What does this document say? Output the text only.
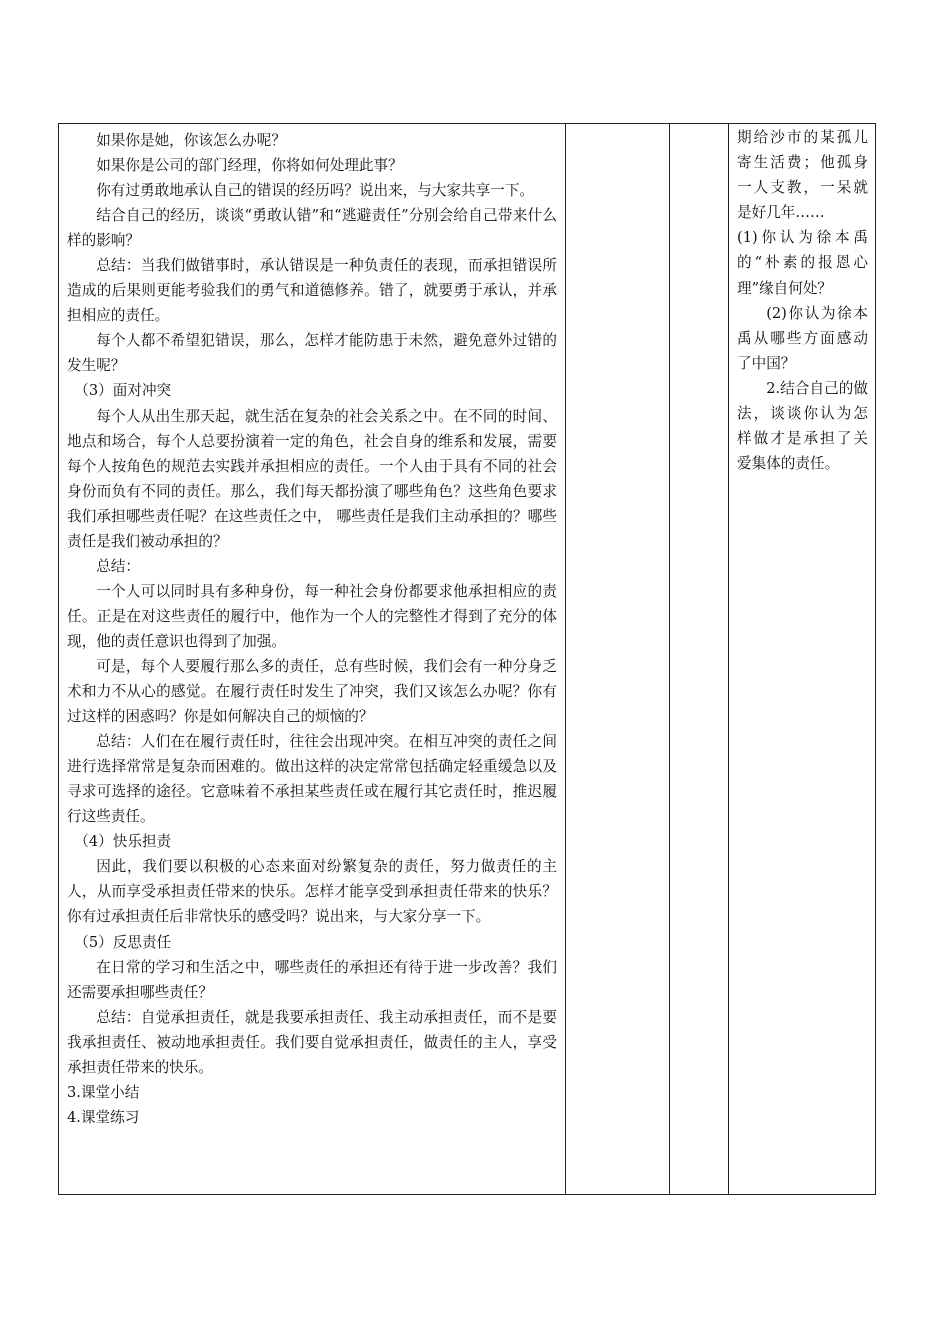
如果你是她，你该怎么办呢？

如果你是公司的部门经理，你将如何处理此事？

你有过勇敢地承认自己的错误的经历吗？说出来，与大家共享一下。

结合自己的经历，谈谈“勇敢认错”和“逃避责任”分别会给自己带来什么样的影响？

总结：当我们做错事时，承认错误是一种负责任的表现，而承担错误所造成的后果则更能考验我们的勇气和道德修养。错了，就要勇于承认，并承担相应的责任。

每个人都不希望犯错误，那么，怎样才能防患于未然，避免意外过错的发生呢？

（3）面对冲突

每个人从出生那天起，就生活在复杂的社会关系之中。在不同的时间、地点和场合，每个人总要扮演着一定的角色，社会自身的维系和发展，需要每个人按角色的规范去实践并承担相应的责任。一个人由于具有不同的社会身份而负有不同的责任。那么，我们每天都扮演了哪些角色？这些角色要求我们承担哪些责任呢？在这些责任之中， 哪些责任是我们主动承担的？哪些责任是我们被动承担的？

总结：

一个人可以同时具有多种身份，每一种社会身份都要求他承担相应的责任。正是在对这些责任的履行中，他作为一个人的完整性才得到了充分的体现，他的责任意识也得到了加强。

可是，每个人要履行那么多的责任，总有些时候，我们会有一种分身乏术和力不从心的感觉。在履行责任时发生了冲突，我们又该怎么办呢？你有过这样的困惑吗？你是如何解决自己的烦恼的？

总结：人们在在履行责任时，往往会出现冲突。在相互冲突的责任之间进行选择常常是复杂而困难的。做出这样的决定常常包括确定轻重缓急以及寻求可选择的途径。它意味着不承担某些责任或在履行其它责任时，推迟履行这些责任。

（4）快乐担责

因此，我们要以积极的心态来面对纷繁复杂的责任，努力做责任的主人，从而享受承担责任带来的快乐。怎样才能享受到承担责任带来的快乐？ 你有过承担责任后非常快乐的感受吗？说出来，与大家分享一下。

（5）反思责任

在日常的学习和生活之中，哪些责任的承担还有待于进一步改善？我们还需要承担哪些责任？

总结：自觉承担责任，就是我要承担责任、我主动承担责任，而不是要我承担责任、被动地承担责任。我们要自觉承担责任，做责任的主人，享受承担责任带来的快乐。

3.课堂小结

4.课堂练习

期给沙市的某孤儿寄生活费；他孤身一人支教，一呆就是好几年……

(1)你认为徐本禹的“朴素的报恩心理”缘自何处？

(2)你认为徐本禹从哪些方面感动了中国？

2.结合自己的做法，谈谈你认为怎样做才是承担了关爱集体的责任。
